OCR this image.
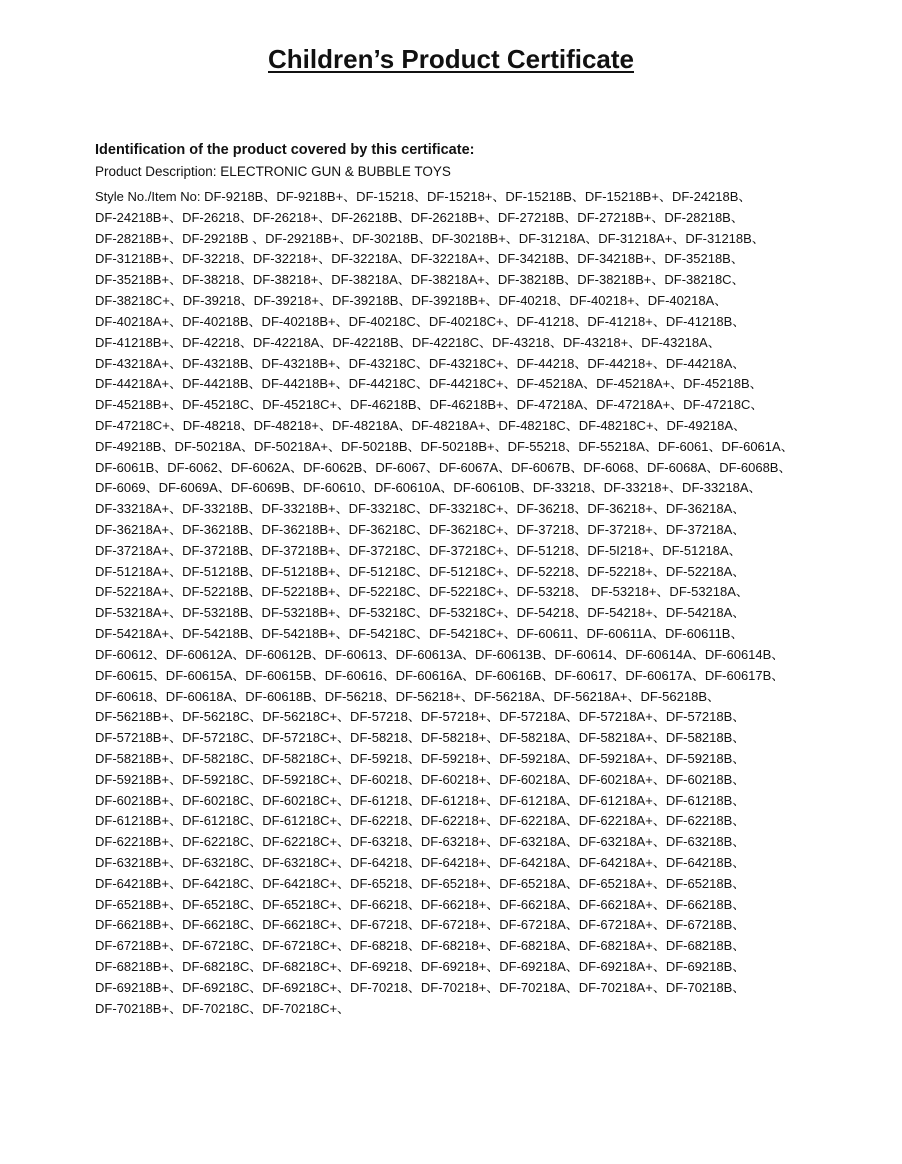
Children’s Product Certificate
Identification of the product covered by this certificate:
Product Description: ELECTRONIC GUN & BUBBLE TOYS
Style No./Item No: DF-9218B、DF-9218B+、DF-15218、DF-15218+、DF-15218B、DF-15218B+、DF-24218B、
DF-24218B+、DF-26218、DF-26218+、DF-26218B、DF-26218B+、DF-27218B、DF-27218B+、DF-28218B、
DF-28218B+、DF-29218B 、DF-29218B+、DF-30218B、DF-30218B+、DF-31218A、DF-31218A+、DF-31218B、
DF-31218B+、DF-32218、DF-32218+、DF-32218A、DF-32218A+、DF-34218B、DF-34218B+、DF-35218B、
DF-35218B+、DF-38218、DF-38218+、DF-38218A、DF-38218A+、DF-38218B、DF-38218B+、DF-38218C、
DF-38218C+、DF-39218、DF-39218+、DF-39218B、DF-39218B+、DF-40218、DF-40218+、DF-40218A、
DF-40218A+、DF-40218B、DF-40218B+、DF-40218C、DF-40218C+、DF-41218、DF-41218+、DF-41218B、
DF-41218B+、DF-42218、DF-42218A、DF-42218B、DF-42218C、DF-43218、DF-43218+、DF-43218A、
DF-43218A+、DF-43218B、DF-43218B+、DF-43218C、DF-43218C+、DF-44218、DF-44218+、DF-44218A、
DF-44218A+、DF-44218B、DF-44218B+、DF-44218C、DF-44218C+、DF-45218A、DF-45218A+、DF-45218B、
DF-45218B+、DF-45218C、DF-45218C+、DF-46218B、DF-46218B+、DF-47218A、DF-47218A+、DF-47218C、
DF-47218C+、DF-48218、DF-48218+、DF-48218A、DF-48218A+、DF-48218C、DF-48218C+、DF-49218A、
DF-49218B、DF-50218A、DF-50218A+、DF-50218B、DF-50218B+、DF-55218、DF-55218A、DF-6061、DF-6061A、
DF-6061B、DF-6062、DF-6062A、DF-6062B、DF-6067、DF-6067A、DF-6067B、DF-6068、DF-6068A、DF-6068B、
DF-6069、DF-6069A、DF-6069B、DF-60610、DF-60610A、DF-60610B、DF-33218、DF-33218+、DF-33218A、
DF-33218A+、DF-33218B、DF-33218B+、DF-33218C、DF-33218C+、DF-36218、DF-36218+、DF-36218A、
DF-36218A+、DF-36218B、DF-36218B+、DF-36218C、DF-36218C+、DF-37218、DF-37218+、DF-37218A、
DF-37218A+、DF-37218B、DF-37218B+、DF-37218C、DF-37218C+、DF-51218、DF-5I218+、DF-51218A、
DF-51218A+、DF-51218B、DF-51218B+、DF-51218C、DF-51218C+、DF-52218、DF-52218+、DF-52218A、
DF-52218A+、DF-52218B、DF-52218B+、DF-52218C、DF-52218C+、DF-53218、 DF-53218+、DF-53218A、
DF-53218A+、DF-53218B、DF-53218B+、DF-53218C、DF-53218C+、DF-54218、DF-54218+、DF-54218A、
DF-54218A+、DF-54218B、DF-54218B+、DF-54218C、DF-54218C+、DF-60611、DF-60611A、DF-60611B、
DF-60612、DF-60612A、DF-60612B、DF-60613、DF-60613A、DF-60613B、DF-60614、DF-60614A、DF-60614B、
DF-60615、DF-60615A、DF-60615B、DF-60616、DF-60616A、DF-60616B、DF-60617、DF-60617A、DF-60617B、
DF-60618、DF-60618A、DF-60618B、DF-56218、DF-56218+、DF-56218A、DF-56218A+、DF-56218B、
DF-56218B+、DF-56218C、DF-56218C+、DF-57218、DF-57218+、DF-57218A、DF-57218A+、DF-57218B、
DF-57218B+、DF-57218C、DF-57218C+、DF-58218、DF-58218+、DF-58218A、DF-58218A+、DF-58218B、
DF-58218B+、DF-58218C、DF-58218C+、DF-59218、DF-59218+、DF-59218A、DF-59218A+、DF-59218B、
DF-59218B+、DF-59218C、DF-59218C+、DF-60218、DF-60218+、DF-60218A、DF-60218A+、DF-60218B、
DF-60218B+、DF-60218C、DF-60218C+、DF-61218、DF-61218+、DF-61218A、DF-61218A+、DF-61218B、
DF-61218B+、DF-61218C、DF-61218C+、DF-62218、DF-62218+、DF-62218A、DF-62218A+、DF-62218B、
DF-62218B+、DF-62218C、DF-62218C+、DF-63218、DF-63218+、DF-63218A、DF-63218A+、DF-63218B、
DF-63218B+、DF-63218C、DF-63218C+、DF-64218、DF-64218+、DF-64218A、DF-64218A+、DF-64218B、
DF-64218B+、DF-64218C、DF-64218C+、DF-65218、DF-65218+、DF-65218A、DF-65218A+、DF-65218B、
DF-65218B+、DF-65218C、DF-65218C+、DF-66218、DF-66218+、DF-66218A、DF-66218A+、DF-66218B、
DF-66218B+、DF-66218C、DF-66218C+、DF-67218、DF-67218+、DF-67218A、DF-67218A+、DF-67218B、
DF-67218B+、DF-67218C、DF-67218C+、DF-68218、DF-68218+、DF-68218A、DF-68218A+、DF-68218B、
DF-68218B+、DF-68218C、DF-68218C+、DF-69218、DF-69218+、DF-69218A、DF-69218A+、DF-69218B、
DF-69218B+、DF-69218C、DF-69218C+、DF-70218、DF-70218+、DF-70218A、DF-70218A+、DF-70218B、
DF-70218B+、DF-70218C、DF-70218C+、
